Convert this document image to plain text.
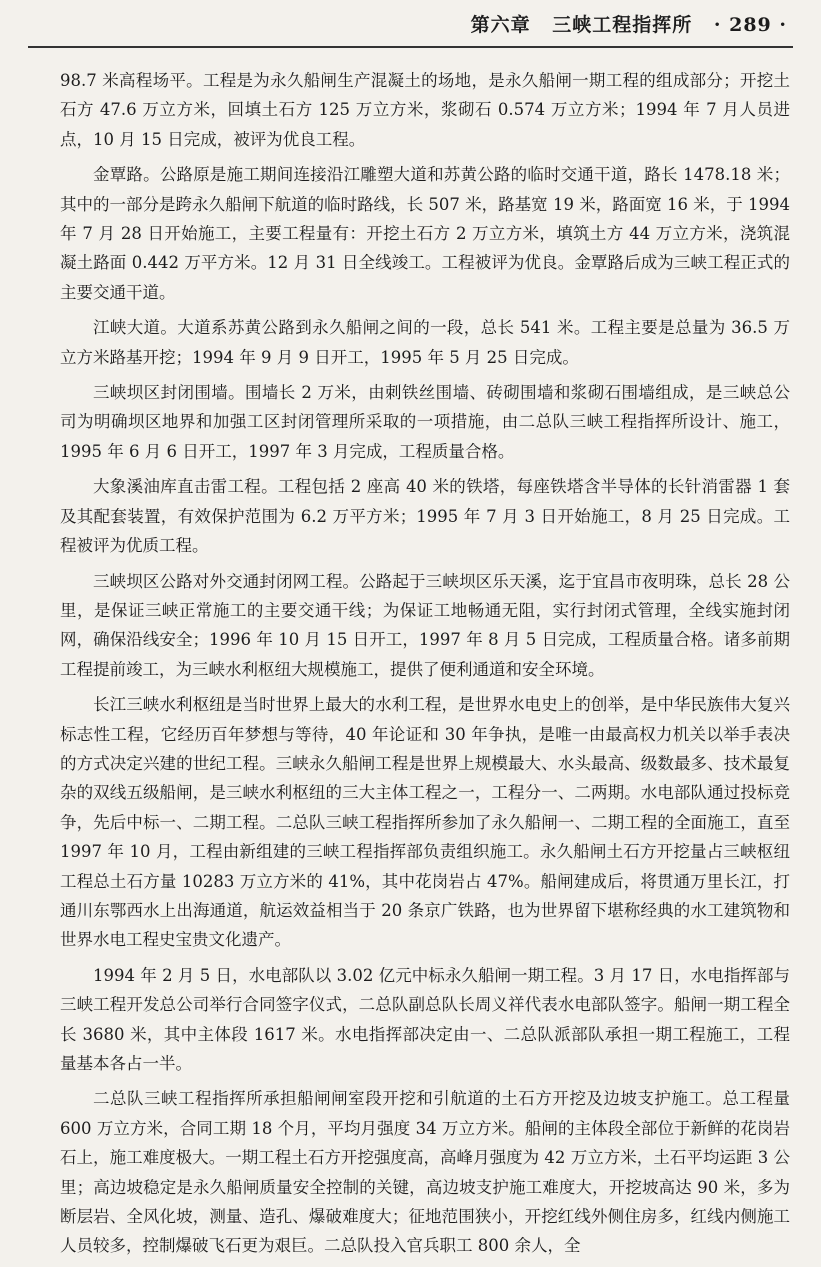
第六章 三峡工程指挥所 · 289 ·

98.7 米高程场平。工程是为永久船闸生产混凝土的场地，是永久船闸一期工程的组成部分；开挖土石方 47.6 万立方米，回填土石方 125 万立方米，浆砌石 0.574 万立方米；1994 年 7 月人员进点，10 月 15 日完成，被评为优良工程。

金覃路。公路原是施工期间连接沿江雕塑大道和苏黄公路的临时交通干道，路长 1478.18 米；其中的一部分是跨永久船闸下航道的临时路线，长 507 米，路基宽 19 米，路面宽 16 米，于 1994 年 7 月 28 日开始施工，主要工程量有：开挖土石方 2 万立方米，填筑土方 44 万立方米，浇筑混凝土路面 0.442 万平方米。12 月 31 日全线竣工。工程被评为优良。金覃路后成为三峡工程正式的主要交通干道。

江峡大道。大道系苏黄公路到永久船闸之间的一段，总长 541 米。工程主要是总量为 36.5 万立方米路基开挖；1994 年 9 月 9 日开工，1995 年 5 月 25 日完成。

三峡坝区封闭围墙。围墙长 2 万米，由刺铁丝围墙、砖砌围墙和浆砌石围墙组成，是三峡总公司为明确坝区地界和加强工区封闭管理所采取的一项措施，由二总队三峡工程指挥所设计、施工，1995 年 6 月 6 日开工，1997 年 3 月完成，工程质量合格。

大象溪油库直击雷工程。工程包括 2 座高 40 米的铁塔，每座铁塔含半导体的长针消雷器 1 套及其配套装置，有效保护范围为 6.2 万平方米；1995 年 7 月 3 日开始施工，8 月 25 日完成。工程被评为优质工程。

三峡坝区公路对外交通封闭网工程。公路起于三峡坝区乐天溪，迄于宜昌市夜明珠，总长 28 公里，是保证三峡正常施工的主要交通干线；为保证工地畅通无阻，实行封闭式管理，全线实施封闭网，确保沿线安全；1996 年 10 月 15 日开工，1997 年 8 月 5 日完成，工程质量合格。诸多前期工程提前竣工，为三峡水利枢纽大规模施工，提供了便利通道和安全环境。

长江三峡水利枢纽是当时世界上最大的水利工程，是世界水电史上的创举，是中华民族伟大复兴标志性工程，它经历百年梦想与等待，40 年论证和 30 年争执，是唯一由最高权力机关以举手表决的方式决定兴建的世纪工程。三峡永久船闸工程是世界上规模最大、水头最高、级数最多、技术最复杂的双线五级船闸，是三峡水利枢纽的三大主体工程之一，工程分一、二两期。水电部队通过投标竞争，先后中标一、二期工程。二总队三峡工程指挥所参加了永久船闸一、二期工程的全面施工，直至 1997 年 10 月，工程由新组建的三峡工程指挥部负责组织施工。永久船闸土石方开挖量占三峡枢纽工程总土石方量 10283 万立方米的 41%，其中花岗岩占 47%。船闸建成后，将贯通万里长江，打通川东鄂西水上出海通道，航运效益相当于 20 条京广铁路，也为世界留下堪称经典的水工建筑物和世界水电工程史宝贵文化遗产。

1994 年 2 月 5 日，水电部队以 3.02 亿元中标永久船闸一期工程。3 月 17 日，水电指挥部与三峡工程开发总公司举行合同签字仪式，二总队副总队长周义祥代表水电部队签字。船闸一期工程全长 3680 米，其中主体段 1617 米。水电指挥部决定由一、二总队派部队承担一期工程施工，工程量基本各占一半。

二总队三峡工程指挥所承担船闸闸室段开挖和引航道的土石方开挖及边坡支护施工。总工程量 600 万立方米，合同工期 18 个月，平均月强度 34 万立方米。船闸的主体段全部位于新鲜的花岗岩石上，施工难度极大。一期工程土石方开挖强度高，高峰月强度为 42 万立方米，土石平均运距 3 公里；高边坡稳定是永久船闸质量安全控制的关键，高边坡支护施工难度大，开挖坡高达 90 米，多为断层岩、全风化坡，测量、造孔、爆破难度大；征地范围狭小，开挖红线外侧住房多，红线内侧施工人员较多，控制爆破飞石更为艰巨。二总队投入官兵职工 800 余人，全
